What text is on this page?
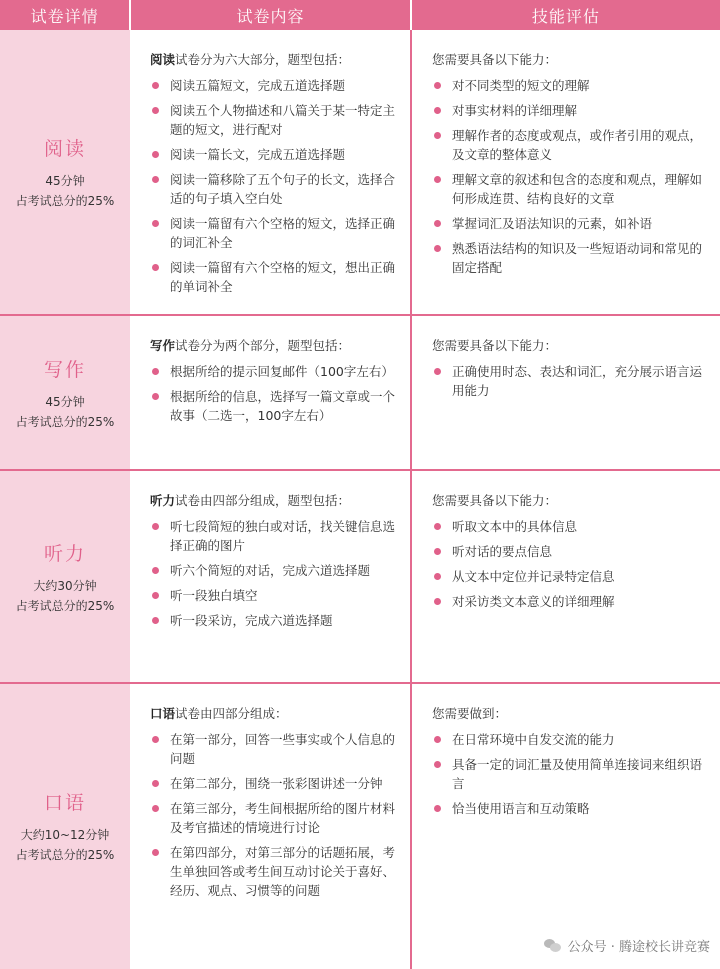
试卷详情	试卷内容	技能评估
阅读
45分钟
占考试总分的25%
阅读试卷分为六大部分，题型包括：
阅读五篇短文，完成五道选择题
阅读五个人物描述和八篇关于某一特定主题的短文，进行配对
阅读一篇长文，完成五道选择题
阅读一篇移除了五个句子的长文，选择合适的句子填入空白处
阅读一篇留有六个空格的短文，选择正确的词汇补全
阅读一篇留有六个空格的短文，想出正确的单词补全
您需要具备以下能力：
对不同类型的短文的理解
对事实材料的详细理解
理解作者的态度或观点，或作者引用的观点，及文章的整体意义
理解文章的叙述和包含的态度和观点，理解如何形成连贯、结构良好的文章
掌握词汇及语法知识的元素，如补语
熟悉语法结构的知识及一些短语动词和常见的固定搭配
写作
45分钟
占考试总分的25%
写作试卷分为两个部分，题型包括：
根据所给的提示回复邮件（100字左右）
根据所给的信息，选择写一篇文章或一个故事（二选一，100字左右）
您需要具备以下能力：
正确使用时态、表达和词汇，充分展示语言运用能力
听力
大约30分钟
占考试总分的25%
听力试卷由四部分组成，题型包括：
听七段简短的独白或对话，找关键信息选择正确的图片
听六个简短的对话，完成六道选择题
听一段独白填空
听一段采访，完成六道选择题
您需要具备以下能力：
听取文本中的具体信息
听对话的要点信息
从文本中定位并记录特定信息
对采访类文本意义的详细理解
口语
大约10~12分钟
占考试总分的25%
口语试卷由四部分组成：
在第一部分，回答一些事实或个人信息的问题
在第二部分，围绕一张彩图讲述一分钟
在第三部分，考生间根据所给的图片材料及考官描述的情境进行讨论
在第四部分，对第三部分的话题拓展，考生单独回答或考生间互动讨论关于喜好、经历、观点、习惯等的问题
您需要做到：
在日常环境中自发交流的能力
具备一定的词汇量及使用简单连接词来组织语言
恰当使用语言和互动策略
公众号 · 腾途校长讲竞赛
